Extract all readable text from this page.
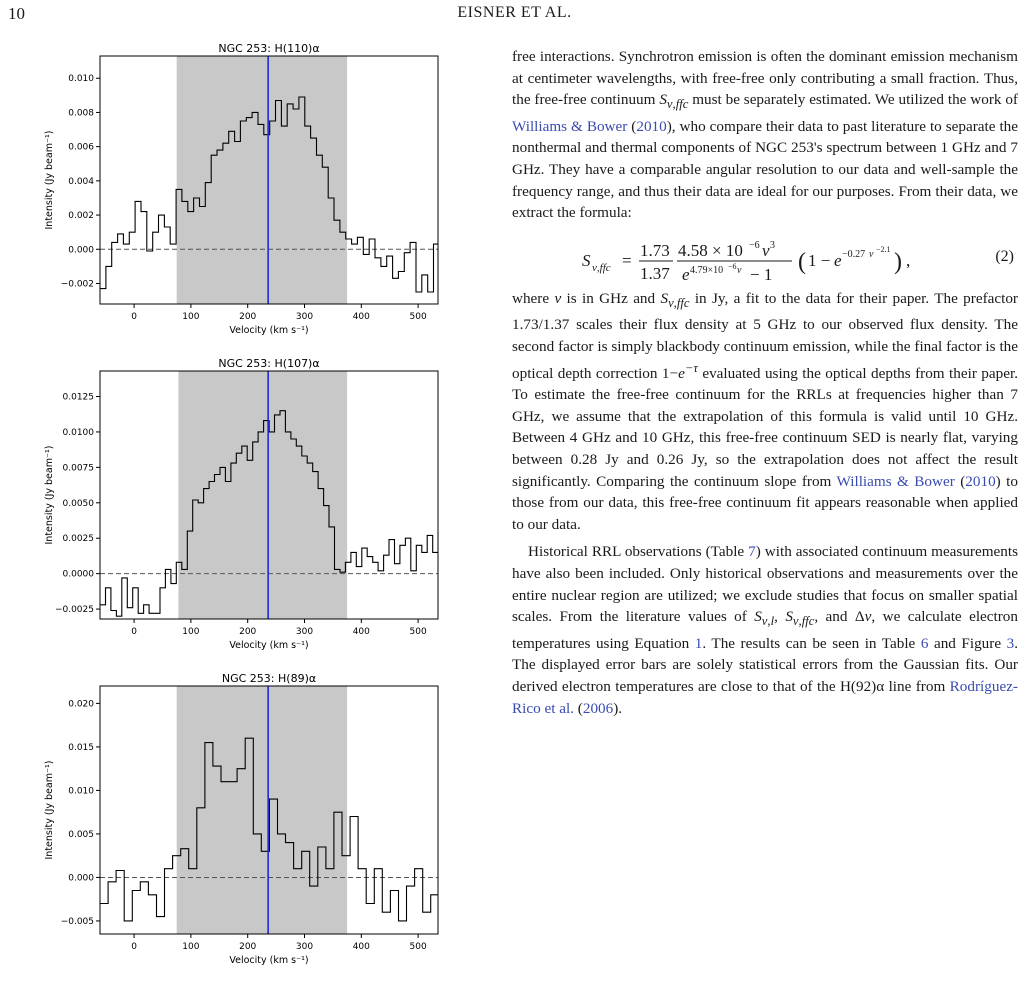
10	EISNER ET AL.
NGC 253: H(110)α
0	100	200	300	400	500
−0.002
0.000
0.002
0.004
0.006
0.008
0.010
Velocity (km s⁻¹)
Intensity (Jy beam⁻¹)
NGC 253: H(107)α
0	100	200	300	400	500
−0.0025
0.0000
0.0025
0.0050
0.0075
0.0100
0.0125
Velocity (km s⁻¹)
Intensity (Jy beam⁻¹)
NGC 253: H(89)α
0	100	200	300	400	500
−0.005
0.000
0.005
0.010
0.015
0.020
Velocity (km s⁻¹)
Intensity (Jy beam⁻¹)

free interactions. Synchrotron emission is often the dominant emission mechanism at centimeter wavelengths, with free-free only contributing a small fraction. Thus, the free-free continuum $S_{\nu,ffc}$ must be separately estimated. We utilized the work of Williams & Bower (2010), who compare their data to past literature to separate the nonthermal and thermal components of NGC 253's spectrum between 1 GHz and 7 GHz. They have a comparable angular resolution to our data and well-sample the frequency range, and thus their data are ideal for our purposes. From their data, we extract the formula:

S ν,ffc =
1.73
1.37
4.58 × 10 −6 ν 3
e 4.79×10 −6 ν − 1 ( 1 − e −0.27 ν −2.1 ) ,	(2)

where ν is in GHz and $S_{\nu,ffc}$ in Jy, a fit to the data for their paper. The prefactor 1.73/1.37 scales their flux density at 5 GHz to our observed flux density. The second factor is simply blackbody continuum emission, while the final factor is the optical depth correction $1-e^{-\tau}$ evaluated using the optical depths from their paper. To estimate the free-free continuum for the RRLs at frequencies higher than 7 GHz, we assume that the extrapolation of this formula is valid until 10 GHz. Between 4 GHz and 10 GHz, this free-free continuum SED is nearly flat, varying between 0.28 Jy and 0.26 Jy, so the extrapolation does not affect the result significantly. Comparing the continuum slope from Williams & Bower (2010) to those from our data, this free-free continuum fit appears reasonable when applied to our data.

Historical RRL observations (Table 7) with associated continuum measurements have also been included. Only historical observations and measurements over the entire nuclear region are utilized; we exclude studies that focus on smaller spatial scales. From the literature values of $S_{\nu,l}$, $S_{\nu,ffc}$, and Δv, we calculate electron temperatures using Equation 1. The results can be seen in Table 6 and Figure 3. The displayed error bars are solely statistical errors from the Gaussian fits. Our derived electron temperatures are close to that of the H(92)α line from Rodríguez-Rico et al. (2006).
